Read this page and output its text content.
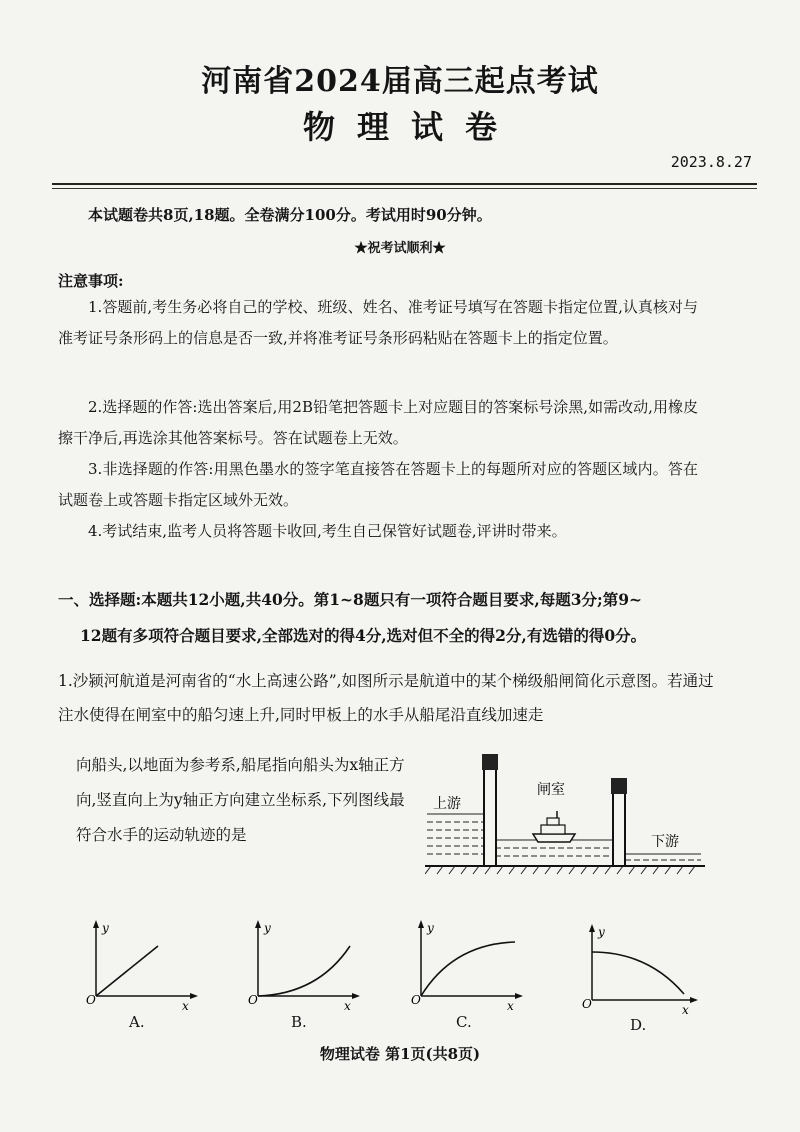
河南省2024届高三起点考试
物理试卷
2023.8.27
本试题卷共8页,18题。全卷满分100分。考试用时90分钟。
★祝考试顺利★
注意事项:
1.答题前,考生务必将自己的学校、班级、姓名、准考证号填写在答题卡指定位置,认真核对与准考证号条形码上的信息是否一致,并将准考证号条形码粘贴在答题卡上的指定位置。
2.选择题的作答:选出答案后,用2B铅笔把答题卡上对应题目的答案标号涂黑,如需改动,用橡皮擦干净后,再选涂其他答案标号。答在试题卷上无效。
3.非选择题的作答:用黑色墨水的签字笔直接答在答题卡上的每题所对应的答题区域内。答在试题卷上或答题卡指定区域外无效。
4.考试结束,监考人员将答题卡收回,考生自己保管好试题卷,评讲时带来。
一、选择题:本题共12小题,共40分。第1~8题只有一项符合题目要求,每题3分;第9~
12题有多项符合题目要求,全部选对的得4分,选对但不全的得2分,有选错的得0分。
1.沙颍河航道是河南省的“水上高速公路”,如图所示是航道中的某个梯级船闸简化示意图。若通过注水使得在闸室中的船匀速上升,同时甲板上的水手从船尾沿直线加速走
向船头,以地面为参考系,船尾指向船头为x轴正方向,竖直向上为y轴正方向建立坐标系,下列图线最符合水手的运动轨迹的是
上游
闸室
下游
y
x
O
A.
y
x
O
B.
y
x
O
C.
y
x
O
D.
物理试卷 第1页(共8页)
